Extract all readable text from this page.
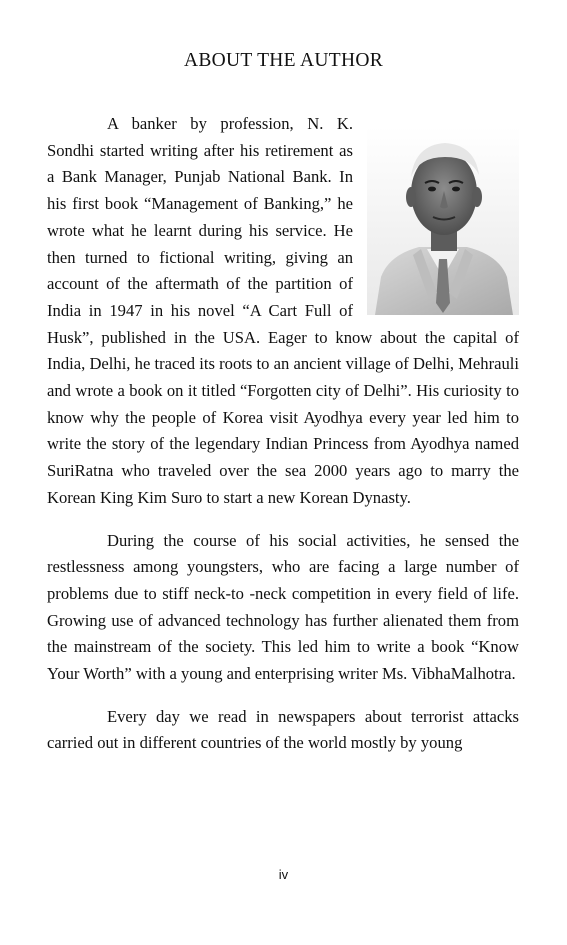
ABOUT THE AUTHOR

A banker by profession, N. K. Sondhi started writing after his retirement as a Bank Manager, Punjab National Bank. In his first book “Management of Banking,” he wrote what he learnt during his service. He then turned to fictional writing, giving an account of the aftermath of the partition of India in 1947 in his novel “A Cart Full of Husk”, published in the USA. Eager to know about the capital of India, Delhi, he traced its roots to an ancient village of Delhi, Mehrauli and wrote a book on it titled “Forgotten city of Delhi”. His curiosity to know why the people of Korea visit Ayodhya every year led him to write the story of the legendary Indian Princess from Ayodhya named SuriRatna who traveled over the sea 2000 years ago to marry the Korean King Kim Suro to start a new Korean Dynasty.

During the course of his social activities, he sensed the restlessness among youngsters, who are facing a large number of problems due to stiff neck-to -neck competition in every field of life. Growing use of advanced technology has further alienated them from the mainstream of the society. This led him to write a book “Know Your Worth” with a young and enterprising writer Ms. VibhaMalhotra.

Every day we read in newspapers about terrorist attacks carried out in different countries of the world mostly by young

iv
